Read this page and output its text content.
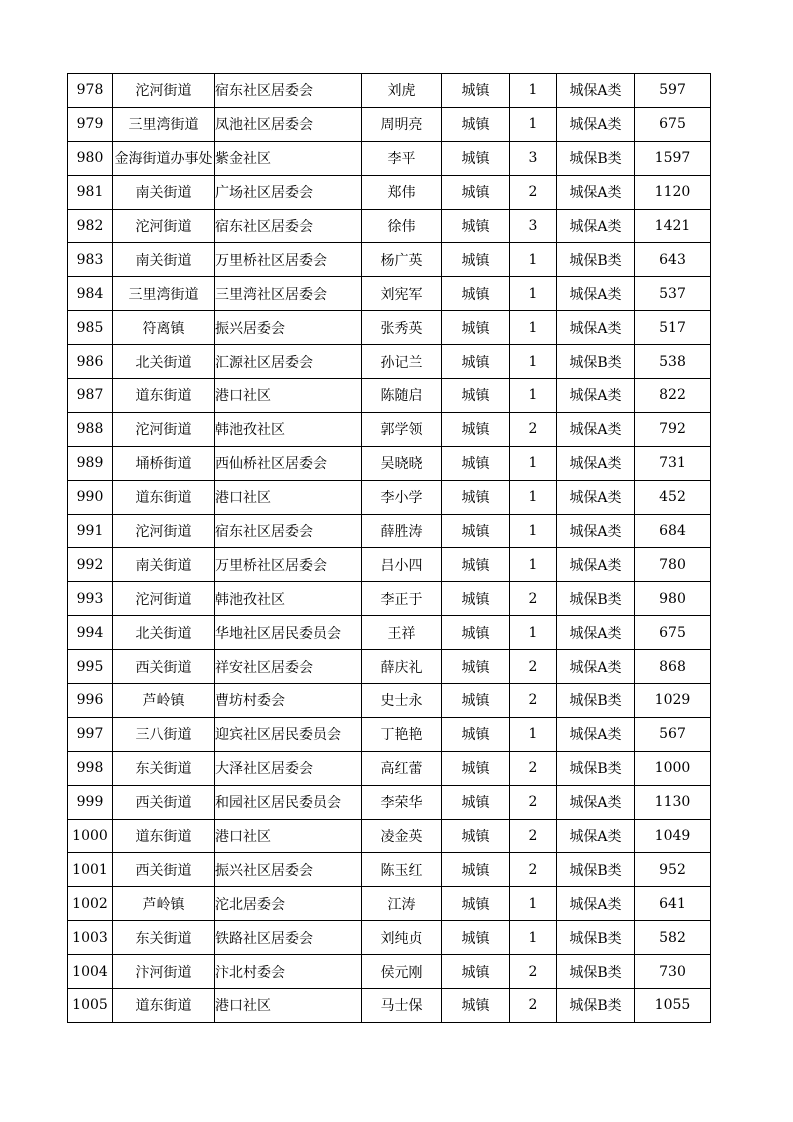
978	沱河街道	宿东社区居委会	刘虎	城镇	1	城保A类	597
979	三里湾街道	凤池社区居委会	周明亮	城镇	1	城保A类	675
980	金海街道办事处	紫金社区	李平	城镇	3	城保B类	1597
981	南关街道	广场社区居委会	郑伟	城镇	2	城保A类	1120
982	沱河街道	宿东社区居委会	徐伟	城镇	3	城保A类	1421
983	南关街道	万里桥社区居委会	杨广英	城镇	1	城保B类	643
984	三里湾街道	三里湾社区居委会	刘宪军	城镇	1	城保A类	537
985	符离镇	振兴居委会	张秀英	城镇	1	城保A类	517
986	北关街道	汇源社区居委会	孙记兰	城镇	1	城保B类	538
987	道东街道	港口社区	陈随启	城镇	1	城保A类	822
988	沱河街道	韩池孜社区	郭学领	城镇	2	城保A类	792
989	埇桥街道	西仙桥社区居委会	吴晓晓	城镇	1	城保A类	731
990	道东街道	港口社区	李小学	城镇	1	城保A类	452
991	沱河街道	宿东社区居委会	薛胜涛	城镇	1	城保A类	684
992	南关街道	万里桥社区居委会	吕小四	城镇	1	城保A类	780
993	沱河街道	韩池孜社区	李正于	城镇	2	城保B类	980
994	北关街道	华地社区居民委员会	王祥	城镇	1	城保A类	675
995	西关街道	祥安社区居委会	薛庆礼	城镇	2	城保A类	868
996	芦岭镇	曹坊村委会	史士永	城镇	2	城保B类	1029
997	三八街道	迎宾社区居民委员会	丁艳艳	城镇	1	城保A类	567
998	东关街道	大泽社区居委会	高红蕾	城镇	2	城保B类	1000
999	西关街道	和园社区居民委员会	李荣华	城镇	2	城保A类	1130
1000	道东街道	港口社区	凌金英	城镇	2	城保A类	1049
1001	西关街道	振兴社区居委会	陈玉红	城镇	2	城保B类	952
1002	芦岭镇	沱北居委会	江涛	城镇	1	城保A类	641
1003	东关街道	铁路社区居委会	刘纯贞	城镇	1	城保B类	582
1004	汴河街道	汴北村委会	侯元刚	城镇	2	城保B类	730
1005	道东街道	港口社区	马士保	城镇	2	城保B类	1055
